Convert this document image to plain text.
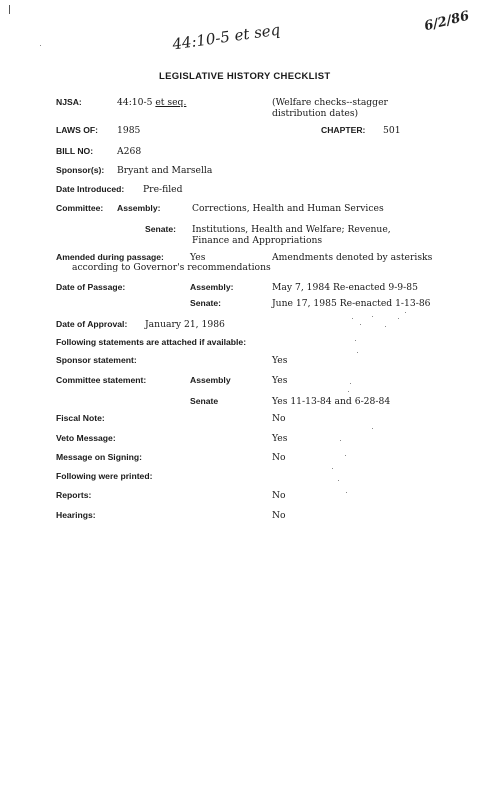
44:10-5 et seq	6/2/86
LEGISLATIVE HISTORY CHECKLIST
NJSA:	44:10-5 et seq.	(Welfare checks--stagger distribution dates)
LAWS OF: 1985	CHAPTER: 501
BILL NO:	A268
Sponsor(s): Bryant and Marsella
Date Introduced: Pre-filed
Committee: Assembly:	Corrections, Health and Human Services
Senate: Institutions, Health and Welfare; Revenue, Finance and Appropriations
Amended during passage:	Yes	Amendments denoted by asterisks
according to Governor's recommendations
Date of Passage:	Assembly:	May 7, 1984 Re-enacted 9-9-85
Senate:	June 17, 1985 Re-enacted 1-13-86
Date of Approval: January 21, 1986
Following statements are attached if available:
Sponsor statement:	Yes
Committee statement:	Assembly	Yes
Senate	Yes 11-13-84 and 6-28-84
Fiscal Note:	No
Veto Message:	Yes
Message on Signing:	No
Following were printed:
Reports:	No
Hearings:	No
